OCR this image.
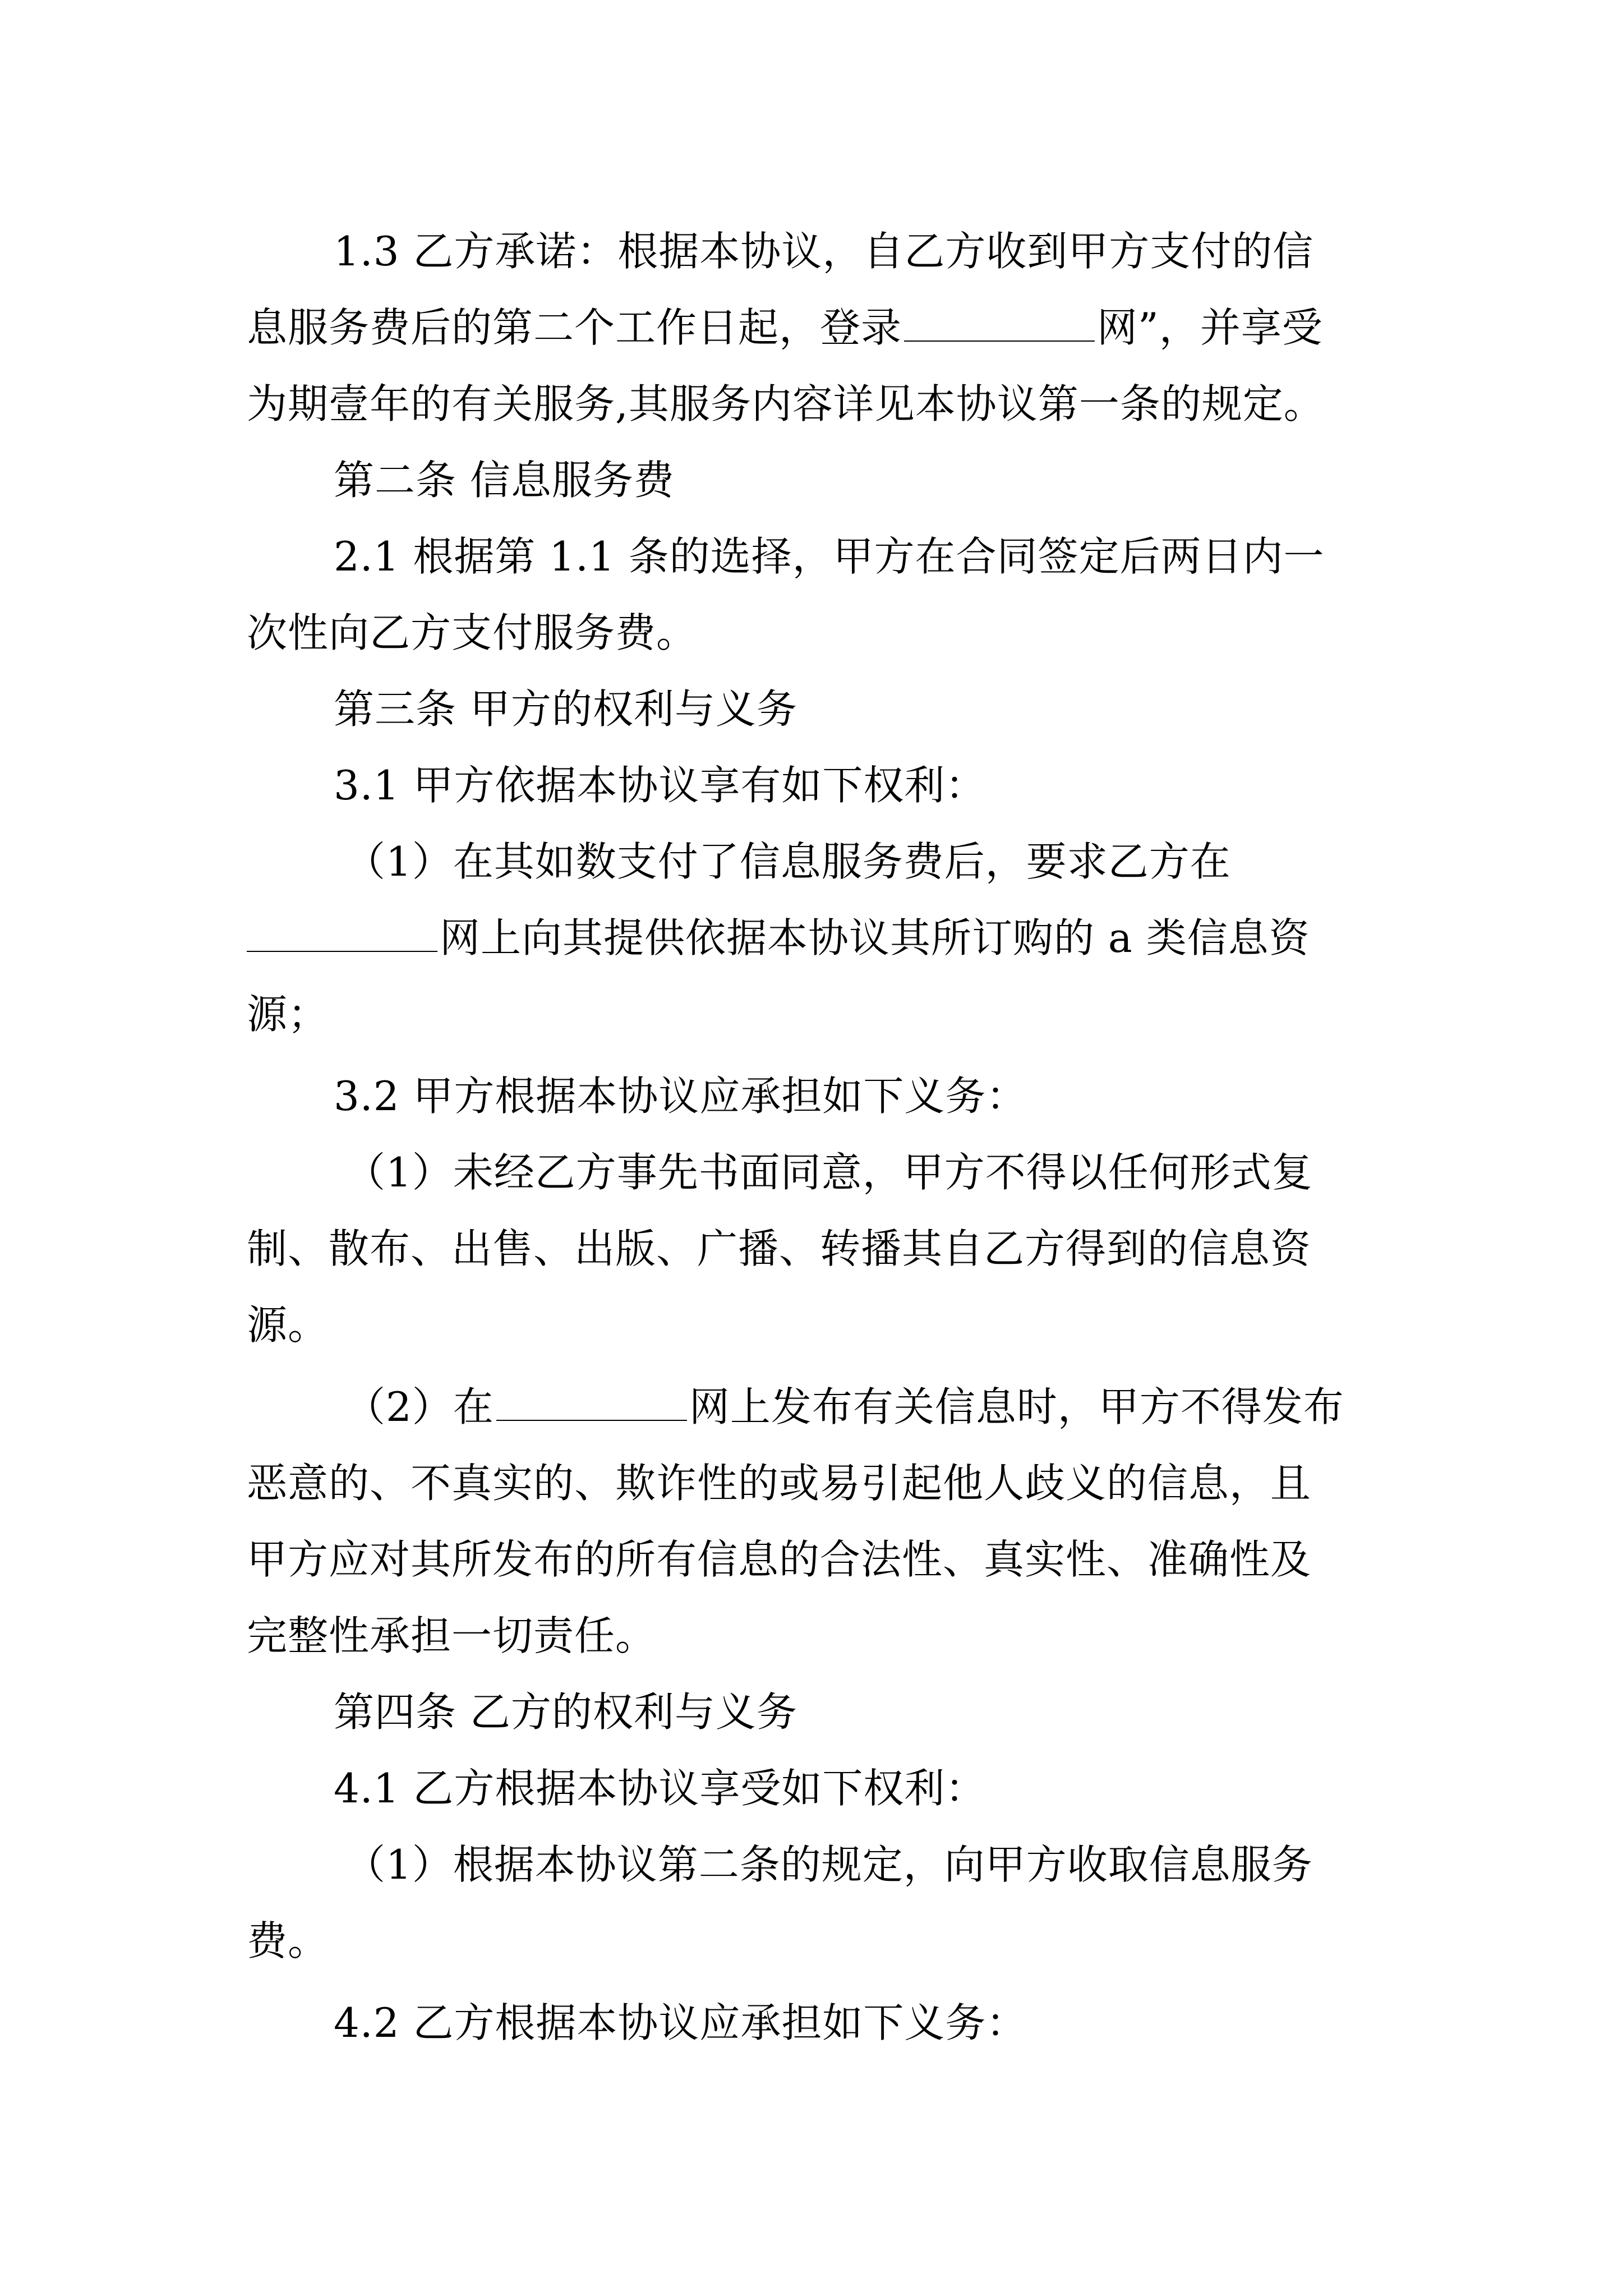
1.3 乙方承诺：根据本协议，自乙方收到甲方支付的信

息服务费后的第二个工作日起，登录	网”，并享受

为期壹年的有关服务,其服务内容详见本协议第一条的规定。

第二条 信息服务费

2.1 根据第 1.1 条的选择，甲方在合同签定后两日内一

次性向乙方支付服务费。

第三条 甲方的权利与义务

3.1 甲方依据本协议享有如下权利：

（1）在其如数支付了信息服务费后，要求乙方在

网上向其提供依据本协议其所订购的 a 类信息资

源；

3.2 甲方根据本协议应承担如下义务：

（1）未经乙方事先书面同意，甲方不得以任何形式复

制、散布、出售、出版、广播、转播其自乙方得到的信息资

源。

（2）在	网上发布有关信息时，甲方不得发布

恶意的、不真实的、欺诈性的或易引起他人歧义的信息，且

甲方应对其所发布的所有信息的合法性、真实性、准确性及

完整性承担一切责任。

第四条 乙方的权利与义务

4.1 乙方根据本协议享受如下权利：

（1）根据本协议第二条的规定，向甲方收取信息服务

费。

4.2 乙方根据本协议应承担如下义务：
